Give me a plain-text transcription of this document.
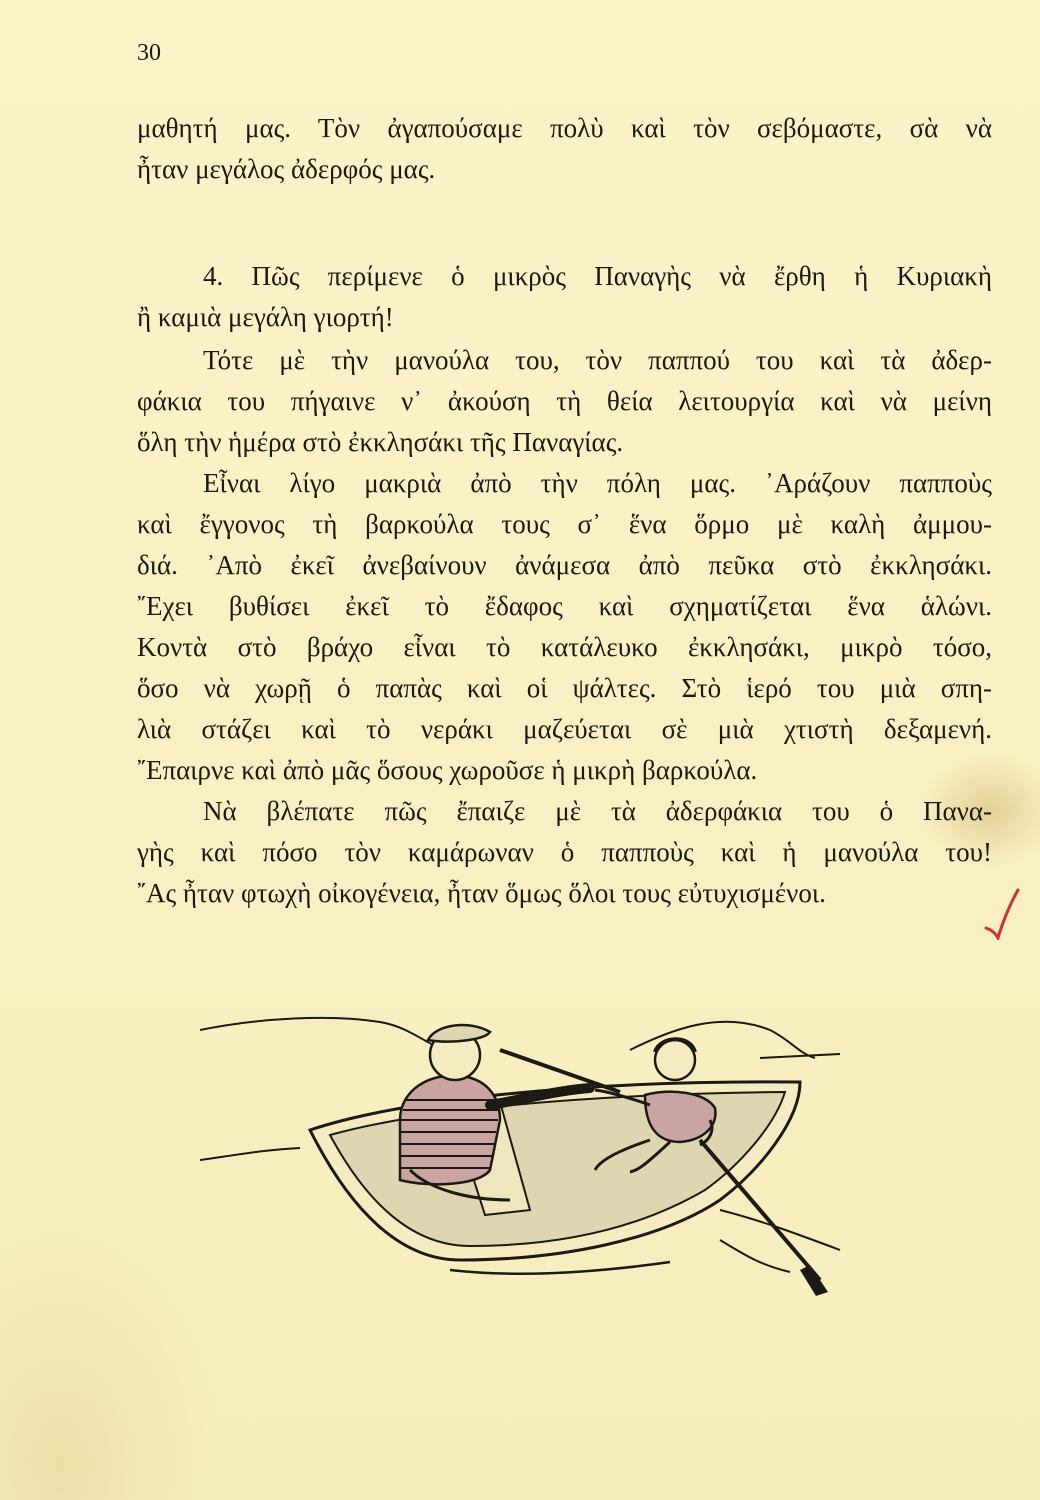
30
μαθητή μας. Τὸν ἀγαπούσαμε πολὺ καὶ τὸν σεβόμαστε, σὰ νὰ
ἦταν μεγάλος ἀδερφός μας.
4. Πῶς περίμενε ὁ μικρὸς Παναγὴς νὰ ἔρθη ἡ Κυριακὴ
ἢ καμιὰ μεγάλη γιορτή!
Τότε μὲ τὴν μανούλα του, τὸν παππού του καὶ τὰ ἀδερ-
φάκια του πήγαινε ν᾽ ἀκούση τὴ θεία λειτουργία καὶ νὰ μείνη
ὅλη τὴν ἡμέρα στὸ ἐκκλησάκι τῆς Παναγίας.
Εἶναι λίγο μακριὰ ἀπὸ τὴν πόλη μας. ᾽Αράζουν παπποὺς
καὶ ἔγγονος τὴ βαρκούλα τους σ᾽ ἕνα ὅρμο μὲ καλὴ ἀμμου-
διά. ᾽Απὸ ἐκεῖ ἀνεβαίνουν ἀνάμεσα ἀπὸ πεῦκα στὸ ἐκκλησάκι.
῎Εχει βυθίσει ἐκεῖ τὸ ἔδαφος καὶ σχηματίζεται ἕνα ἁλώνι.
Κοντὰ στὸ βράχο εἶναι τὸ κατάλευκο ἐκκλησάκι, μικρὸ τόσο,
ὅσο νὰ χωρῇ ὁ παπὰς καὶ οἱ ψάλτες. Στὸ ἱερό του μιὰ σπη-
λιὰ στάζει καὶ τὸ νεράκι μαζεύεται σὲ μιὰ χτιστὴ δεξαμενή.
῎Επαιρνε καὶ ἀπὸ μᾶς ὅσους χωροῦσε ἡ μικρὴ βαρκούλα.
Νὰ βλέπατε πῶς ἔπαιζε μὲ τὰ ἀδερφάκια του ὁ Πανα-
γὴς καὶ πόσο τὸν καμάρωναν ὁ παπποὺς καὶ ἡ μανούλα του!
῎Ας ἦταν φτωχὴ οἰκογένεια, ἦταν ὅμως ὅλοι τους εὐτυχισμένοι.
